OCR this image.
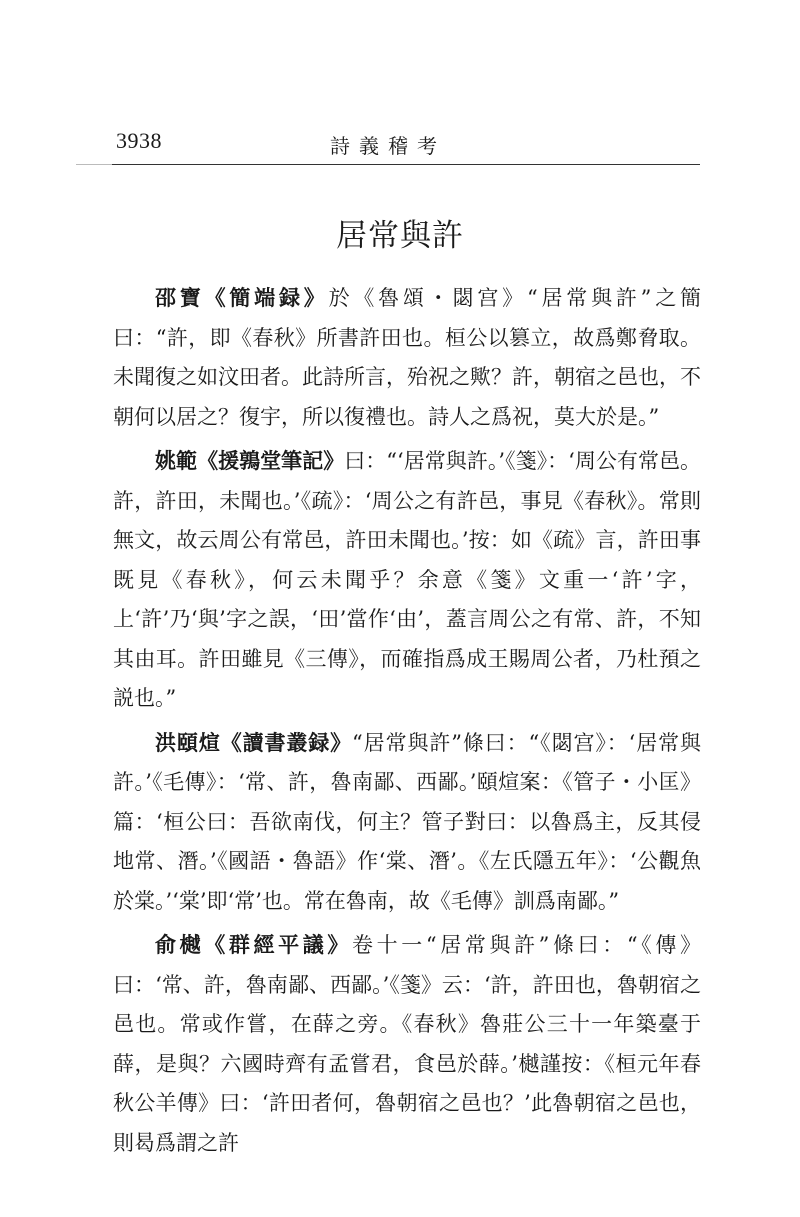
3938	詩義稽考
居常與許

邵寶《簡端録》於《魯頌・閟宫》“居常與許”之簡曰：“許，即《春秋》所書許田也。桓公以篡立，故爲鄭脅取。未聞復之如汶田者。此詩所言，殆祝之歟？許，朝宿之邑也，不朝何以居之？復宇，所以復禮也。詩人之爲祝，莫大於是。”

姚範《援鶉堂筆記》曰：“‘居常與許。’《箋》：‘周公有常邑。許，許田，未聞也。’《疏》：‘周公之有許邑，事見《春秋》。常則無文，故云周公有常邑，許田未聞也。’按：如《疏》言，許田事既見《春秋》，何云未聞乎？余意《箋》文重一‘許’字，上‘許’乃‘與’字之誤，‘田’當作‘由’，蓋言周公之有常、許，不知其由耳。許田雖見《三傳》，而確指爲成王賜周公者，乃杜預之説也。”

洪頤煊《讀書叢録》“居常與許”條曰：“《閟宫》：‘居常與許。’《毛傳》：‘常、許，魯南鄙、西鄙。’頤煊案：《管子・小匡》篇：‘桓公曰：吾欲南伐，何主？管子對曰：以魯爲主，反其侵地常、潛。’《國語・魯語》作‘棠、潛’。《左氏隱五年》：‘公觀魚於棠。’‘棠’即‘常’也。常在魯南，故《毛傳》訓爲南鄙。”

俞樾《群經平議》卷十一“居常與許”條曰：“《傳》曰：‘常、許，魯南鄙、西鄙。’《箋》云：‘許，許田也，魯朝宿之邑也。常或作嘗，在薛之旁。《春秋》魯莊公三十一年築臺于薛，是與？六國時齊有孟嘗君，食邑於薛。’樾謹按：《桓元年春秋公羊傳》曰：‘許田者何，魯朝宿之邑也？’此魯朝宿之邑也，則曷爲謂之許
